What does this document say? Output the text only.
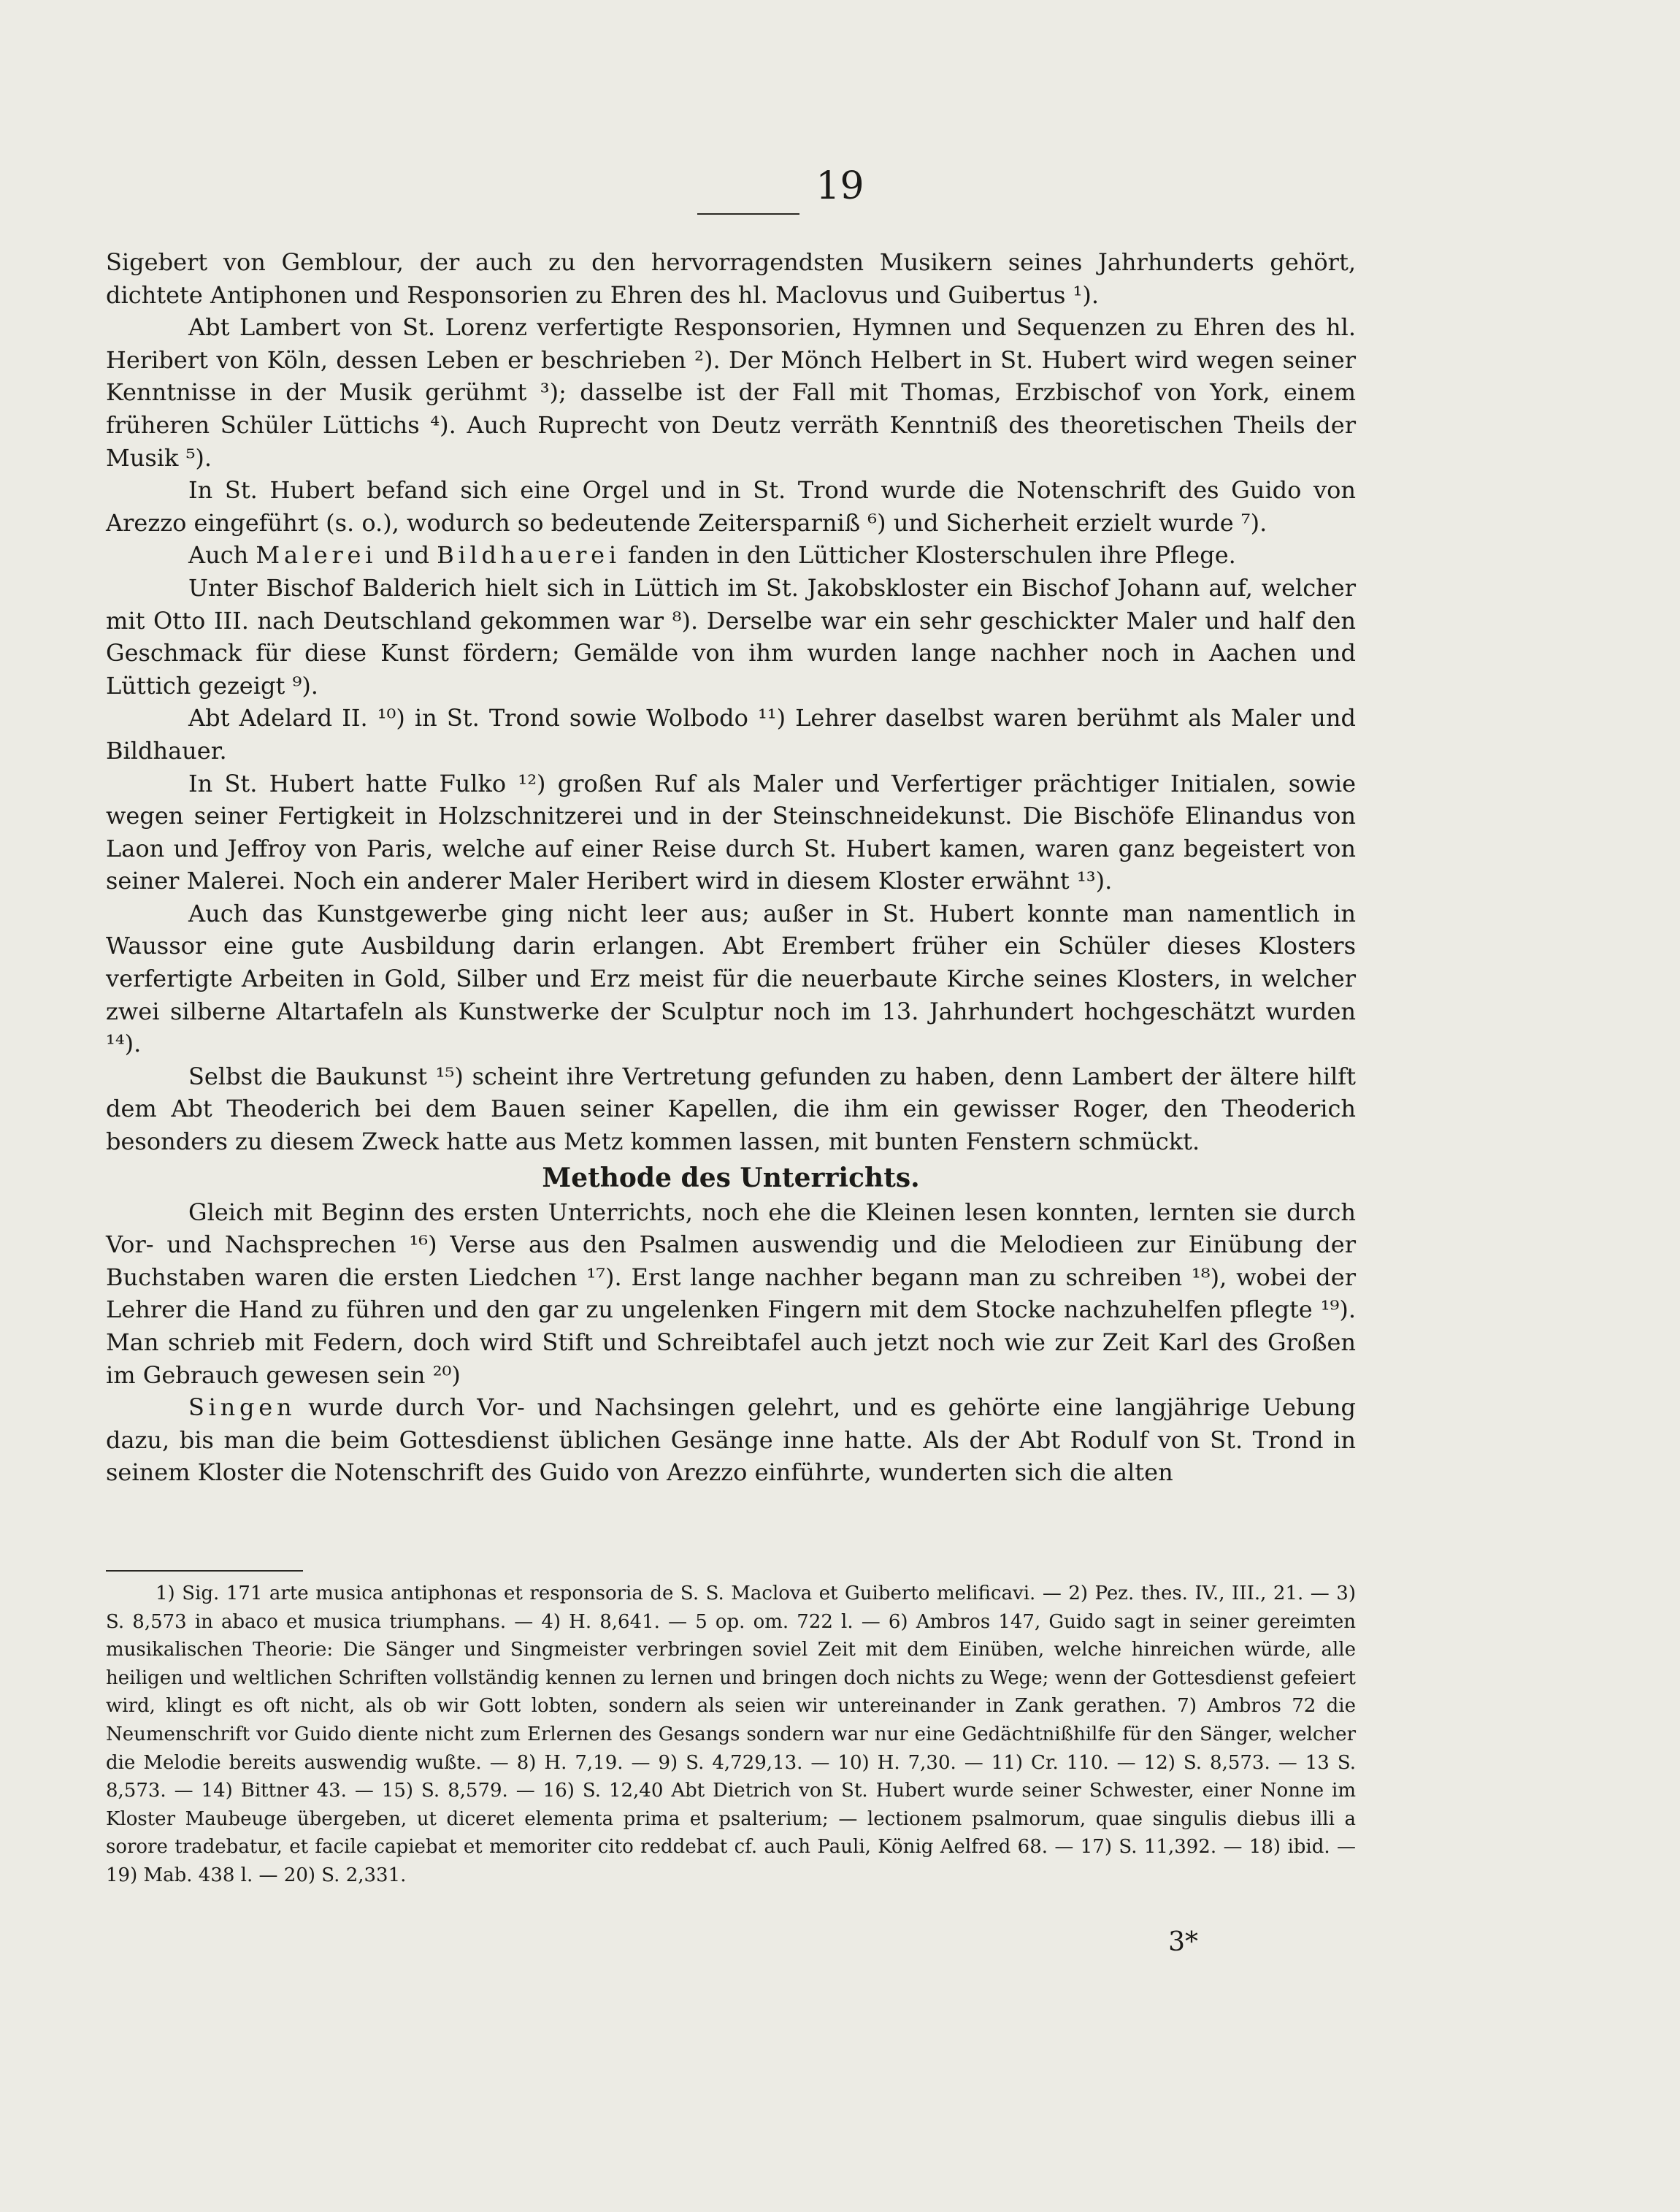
19

Sigebert von Gemblour, der auch zu den hervorragendsten Musikern seines Jahrhunderts gehört, dichtete Antiphonen und Responsorien zu Ehren des hl. Maclovus und Guibertus ¹).

Abt Lambert von St. Lorenz verfertigte Responsorien, Hymnen und Sequenzen zu Ehren des hl. Heribert von Köln, dessen Leben er beschrieben ²). Der Mönch Helbert in St. Hubert wird wegen seiner Kenntnisse in der Musik gerühmt ³); dasselbe ist der Fall mit Thomas, Erzbischof von York, einem früheren Schüler Lüttichs ⁴). Auch Ruprecht von Deutz verräth Kenntniß des theoretischen Theils der Musik ⁵).

In St. Hubert befand sich eine Orgel und in St. Trond wurde die Notenschrift des Guido von Arezzo eingeführt (s. o.), wodurch so bedeutende Zeitersparniß ⁶) und Sicherheit erzielt wurde ⁷).

Auch Malerei und Bildhauerei fanden in den Lütticher Klosterschulen ihre Pflege.

Unter Bischof Balderich hielt sich in Lüttich im St. Jakobskloster ein Bischof Johann auf, welcher mit Otto III. nach Deutschland gekommen war ⁸). Derselbe war ein sehr geschickter Maler und half den Geschmack für diese Kunst fördern; Gemälde von ihm wurden lange nachher noch in Aachen und Lüttich gezeigt ⁹).

Abt Adelard II. ¹⁰) in St. Trond sowie Wolbodo ¹¹) Lehrer daselbst waren berühmt als Maler und Bildhauer.

In St. Hubert hatte Fulko ¹²) großen Ruf als Maler und Verfertiger prächtiger Initialen, sowie wegen seiner Fertigkeit in Holzschnitzerei und in der Steinschneidekunst. Die Bischöfe Elinandus von Laon und Jeffroy von Paris, welche auf einer Reise durch St. Hubert kamen, waren ganz begeistert von seiner Malerei. Noch ein anderer Maler Heribert wird in diesem Kloster erwähnt ¹³).

Auch das Kunstgewerbe ging nicht leer aus; außer in St. Hubert konnte man namentlich in Waussor eine gute Ausbildung darin erlangen. Abt Erembert früher ein Schüler dieses Klosters verfertigte Arbeiten in Gold, Silber und Erz meist für die neuerbaute Kirche seines Klosters, in welcher zwei silberne Altartafeln als Kunstwerke der Sculptur noch im 13. Jahrhundert hochgeschätzt wurden ¹⁴).

Selbst die Baukunst ¹⁵) scheint ihre Vertretung gefunden zu haben, denn Lambert der ältere hilft dem Abt Theoderich bei dem Bauen seiner Kapellen, die ihm ein gewisser Roger, den Theoderich besonders zu diesem Zweck hatte aus Metz kommen lassen, mit bunten Fenstern schmückt.

Methode des Unterrichts.

Gleich mit Beginn des ersten Unterrichts, noch ehe die Kleinen lesen konnten, lernten sie durch Vor- und Nachsprechen ¹⁶) Verse aus den Psalmen auswendig und die Melodieen zur Einübung der Buchstaben waren die ersten Liedchen ¹⁷). Erst lange nachher begann man zu schreiben ¹⁸), wobei der Lehrer die Hand zu führen und den gar zu ungelenken Fingern mit dem Stocke nachzuhelfen pflegte ¹⁹). Man schrieb mit Federn, doch wird Stift und Schreibtafel auch jetzt noch wie zur Zeit Karl des Großen im Gebrauch gewesen sein ²⁰)

Singen wurde durch Vor- und Nachsingen gelehrt, und es gehörte eine langjährige Uebung dazu, bis man die beim Gottesdienst üblichen Gesänge inne hatte. Als der Abt Rodulf von St. Trond in seinem Kloster die Notenschrift des Guido von Arezzo einführte, wunderten sich die alten

1) Sig. 171 arte musica antiphonas et responsoria de S. S. Maclova et Guiberto melificavi. — 2) Pez. thes. IV., III., 21. — 3) S. 8,573 in abaco et musica triumphans. — 4) H. 8,641. — 5 op. om. 722 l. — 6) Ambros 147, Guido sagt in seiner gereimten musikalischen Theorie: Die Sänger und Singmeister verbringen soviel Zeit mit dem Einüben, welche hinreichen würde, alle heiligen und weltlichen Schriften vollständig kennen zu lernen und bringen doch nichts zu Wege; wenn der Gottesdienst gefeiert wird, klingt es oft nicht, als ob wir Gott lobten, sondern als seien wir untereinander in Zank gerathen. 7) Ambros 72 die Neumenschrift vor Guido diente nicht zum Erlernen des Gesangs sondern war nur eine Gedächtnißhilfe für den Sänger, welcher die Melodie bereits auswendig wußte. — 8) H. 7,19. — 9) S. 4,729,13. — 10) H. 7,30. — 11) Cr. 110. — 12) S. 8,573. — 13 S. 8,573. — 14) Bittner 43. — 15) S. 8,579. — 16) S. 12,40 Abt Dietrich von St. Hubert wurde seiner Schwester, einer Nonne im Kloster Maubeuge übergeben, ut diceret elementa prima et psalterium; — lectionem psalmorum, quae singulis diebus illi a sorore tradebatur, et facile capiebat et memoriter cito reddebat cf. auch Pauli, König Aelfred 68. — 17) S. 11,392. — 18) ibid. — 19) Mab. 438 l. — 20) S. 2,331.

3*
